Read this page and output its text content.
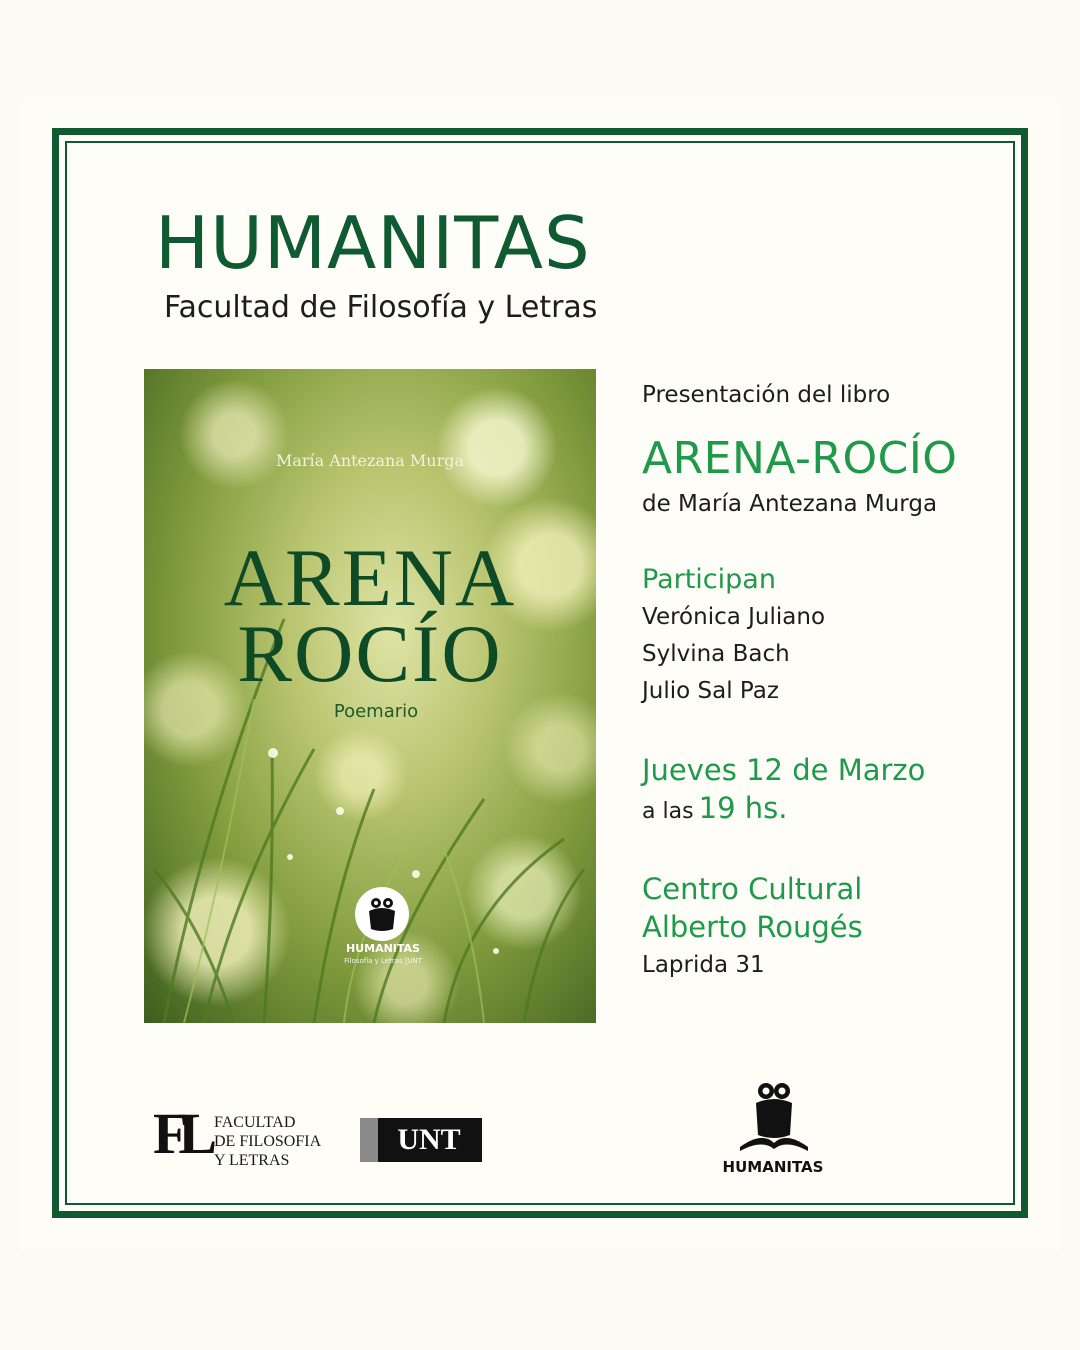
HUMANITAS
Facultad de Filosofía y Letras
María Antezana Murga
ARENA
ROCÍO
Poemario
HUMANITAS
Filosofía y Letras |UNT
Presentación del libro
ARENA-ROCÍO
de María Antezana Murga
Participan
Verónica Juliano
Sylvina Bach
Julio Sal Paz
Jueves 12 de Marzo
a las 19 hs.
Centro Cultural
Alberto Rougés
Laprida 31
FL FACULTAD
DE FILOSOFIA
Y LETRAS
UNT
HUMANITAS
